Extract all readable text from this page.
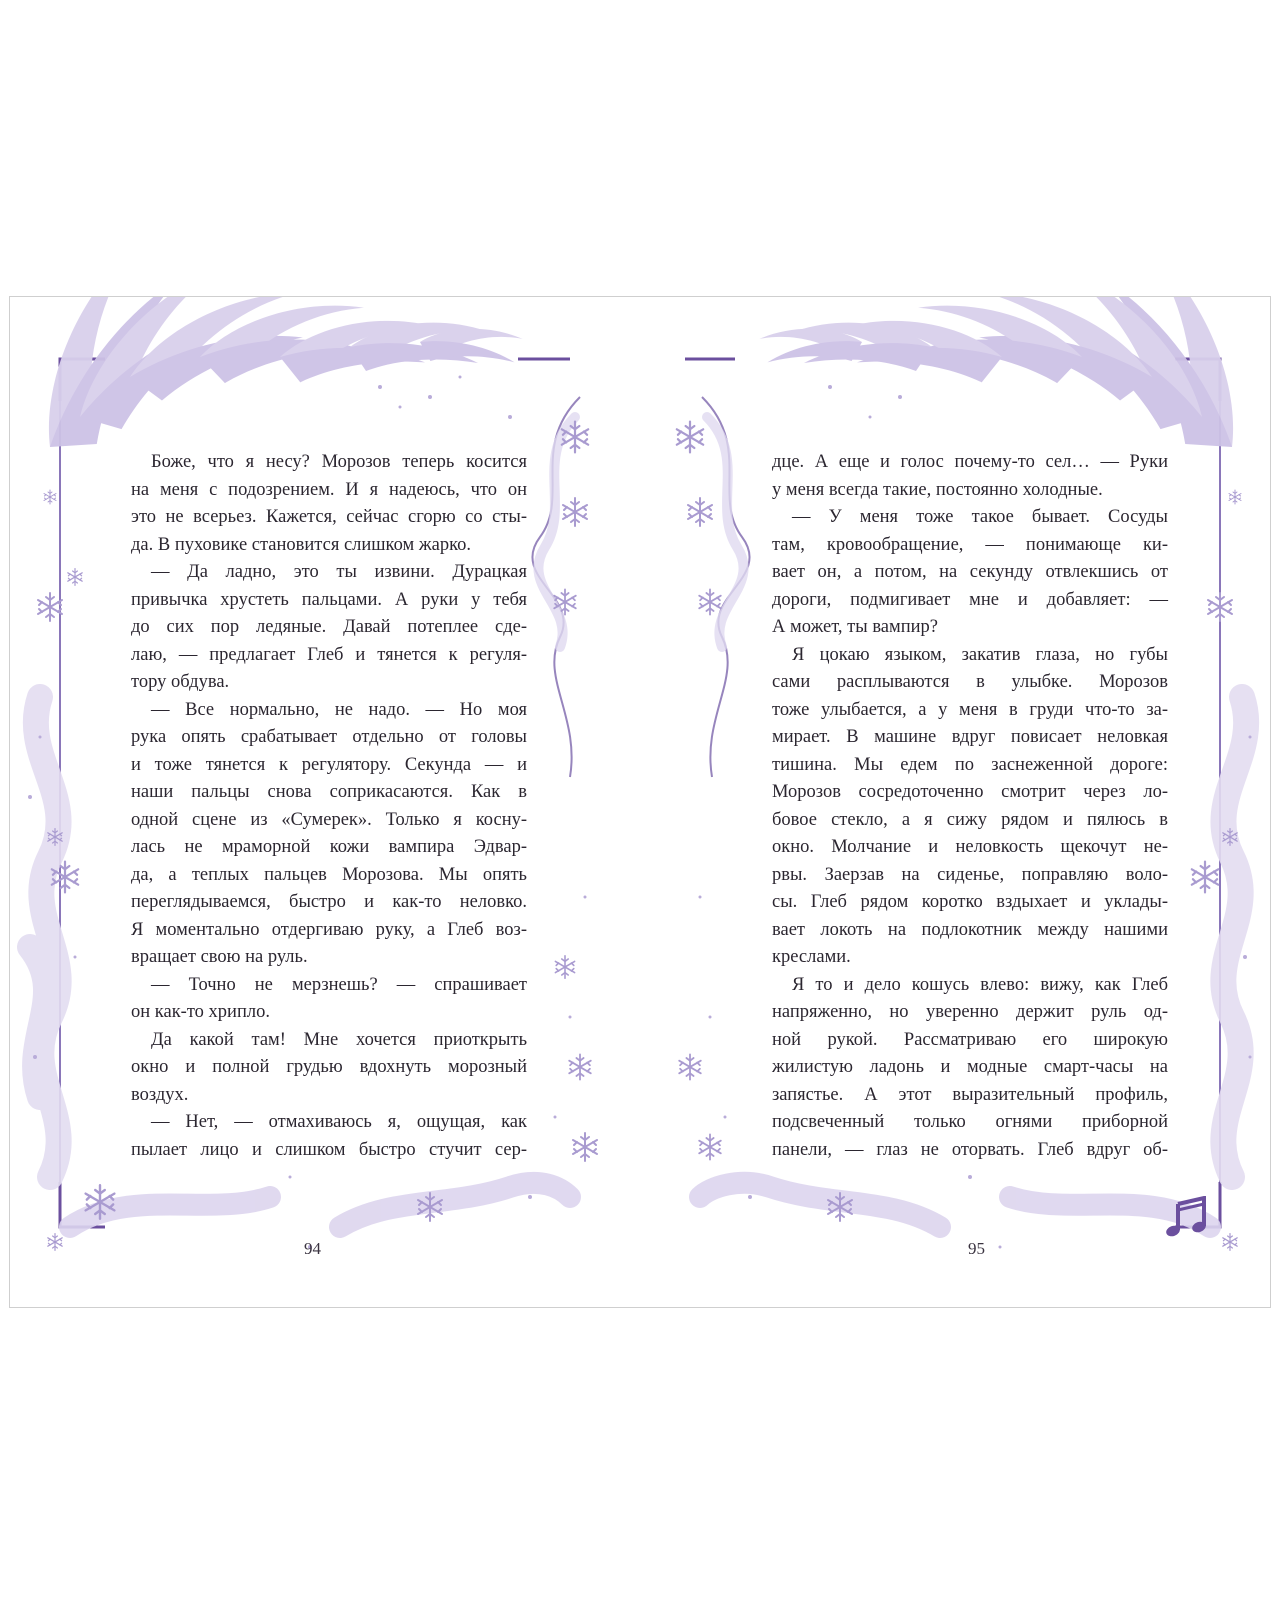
Боже, что я несу? Морозов теперь косится
на меня с подозрением. И я надеюсь, что он
это не всерьез. Кажется, сейчас сгорю со сты-
да. В пуховике становится слишком жарко.
— Да ладно, это ты извини. Дурацкая
привычка хрустеть пальцами. А руки у тебя
до сих пор ледяные. Давай потеплее сде-
лаю, — предлагает Глеб и тянется к регуля-
тору обдува.
— Все нормально, не надо. — Но моя
рука опять срабатывает отдельно от головы
и тоже тянется к регулятору. Секунда — и
наши пальцы снова соприкасаются. Как в
одной сцене из «Сумерек». Только я косну-
лась не мраморной кожи вампира Эдвар-
да, а теплых пальцев Морозова. Мы опять
переглядываемся, быстро и как-то неловко.
Я моментально отдергиваю руку, а Глеб воз-
вращает свою на руль.
— Точно не мерзнешь? — спрашивает
он как-то хрипло.
Да какой там! Мне хочется приоткрыть
окно и полной грудью вдохнуть морозный
воздух.
— Нет, — отмахиваюсь я, ощущая, как
пылает лицо и слишком быстро стучит сер-
дце. А еще и голос почему-то сел… — Руки
у меня всегда такие, постоянно холодные.
— У меня тоже такое бывает. Сосуды
там, кровообращение, — понимающе ки-
вает он, а потом, на секунду отвлекшись от
дороги, подмигивает мне и добавляет: —
А может, ты вампир?
Я цокаю языком, закатив глаза, но губы
сами расплываются в улыбке. Морозов
тоже улыбается, а у меня в груди что-то за-
мирает. В машине вдруг повисает неловкая
тишина. Мы едем по заснеженной дороге:
Морозов сосредоточенно смотрит через ло-
бовое стекло, а я сижу рядом и пялюсь в
окно. Молчание и неловкость щекочут не-
рвы. Заерзав на сиденье, поправляю воло-
сы. Глеб рядом коротко вздыхает и уклады-
вает локоть на подлокотник между нашими
креслами.
Я то и дело кошусь влево: вижу, как Глеб
напряженно, но уверенно держит руль од-
ной рукой. Рассматриваю его широкую
жилистую ладонь и модные смарт-часы на
запястье. А этот выразительный профиль,
подсвеченный только огнями приборной
панели, — глаз не оторвать. Глеб вдруг об-
94	95
